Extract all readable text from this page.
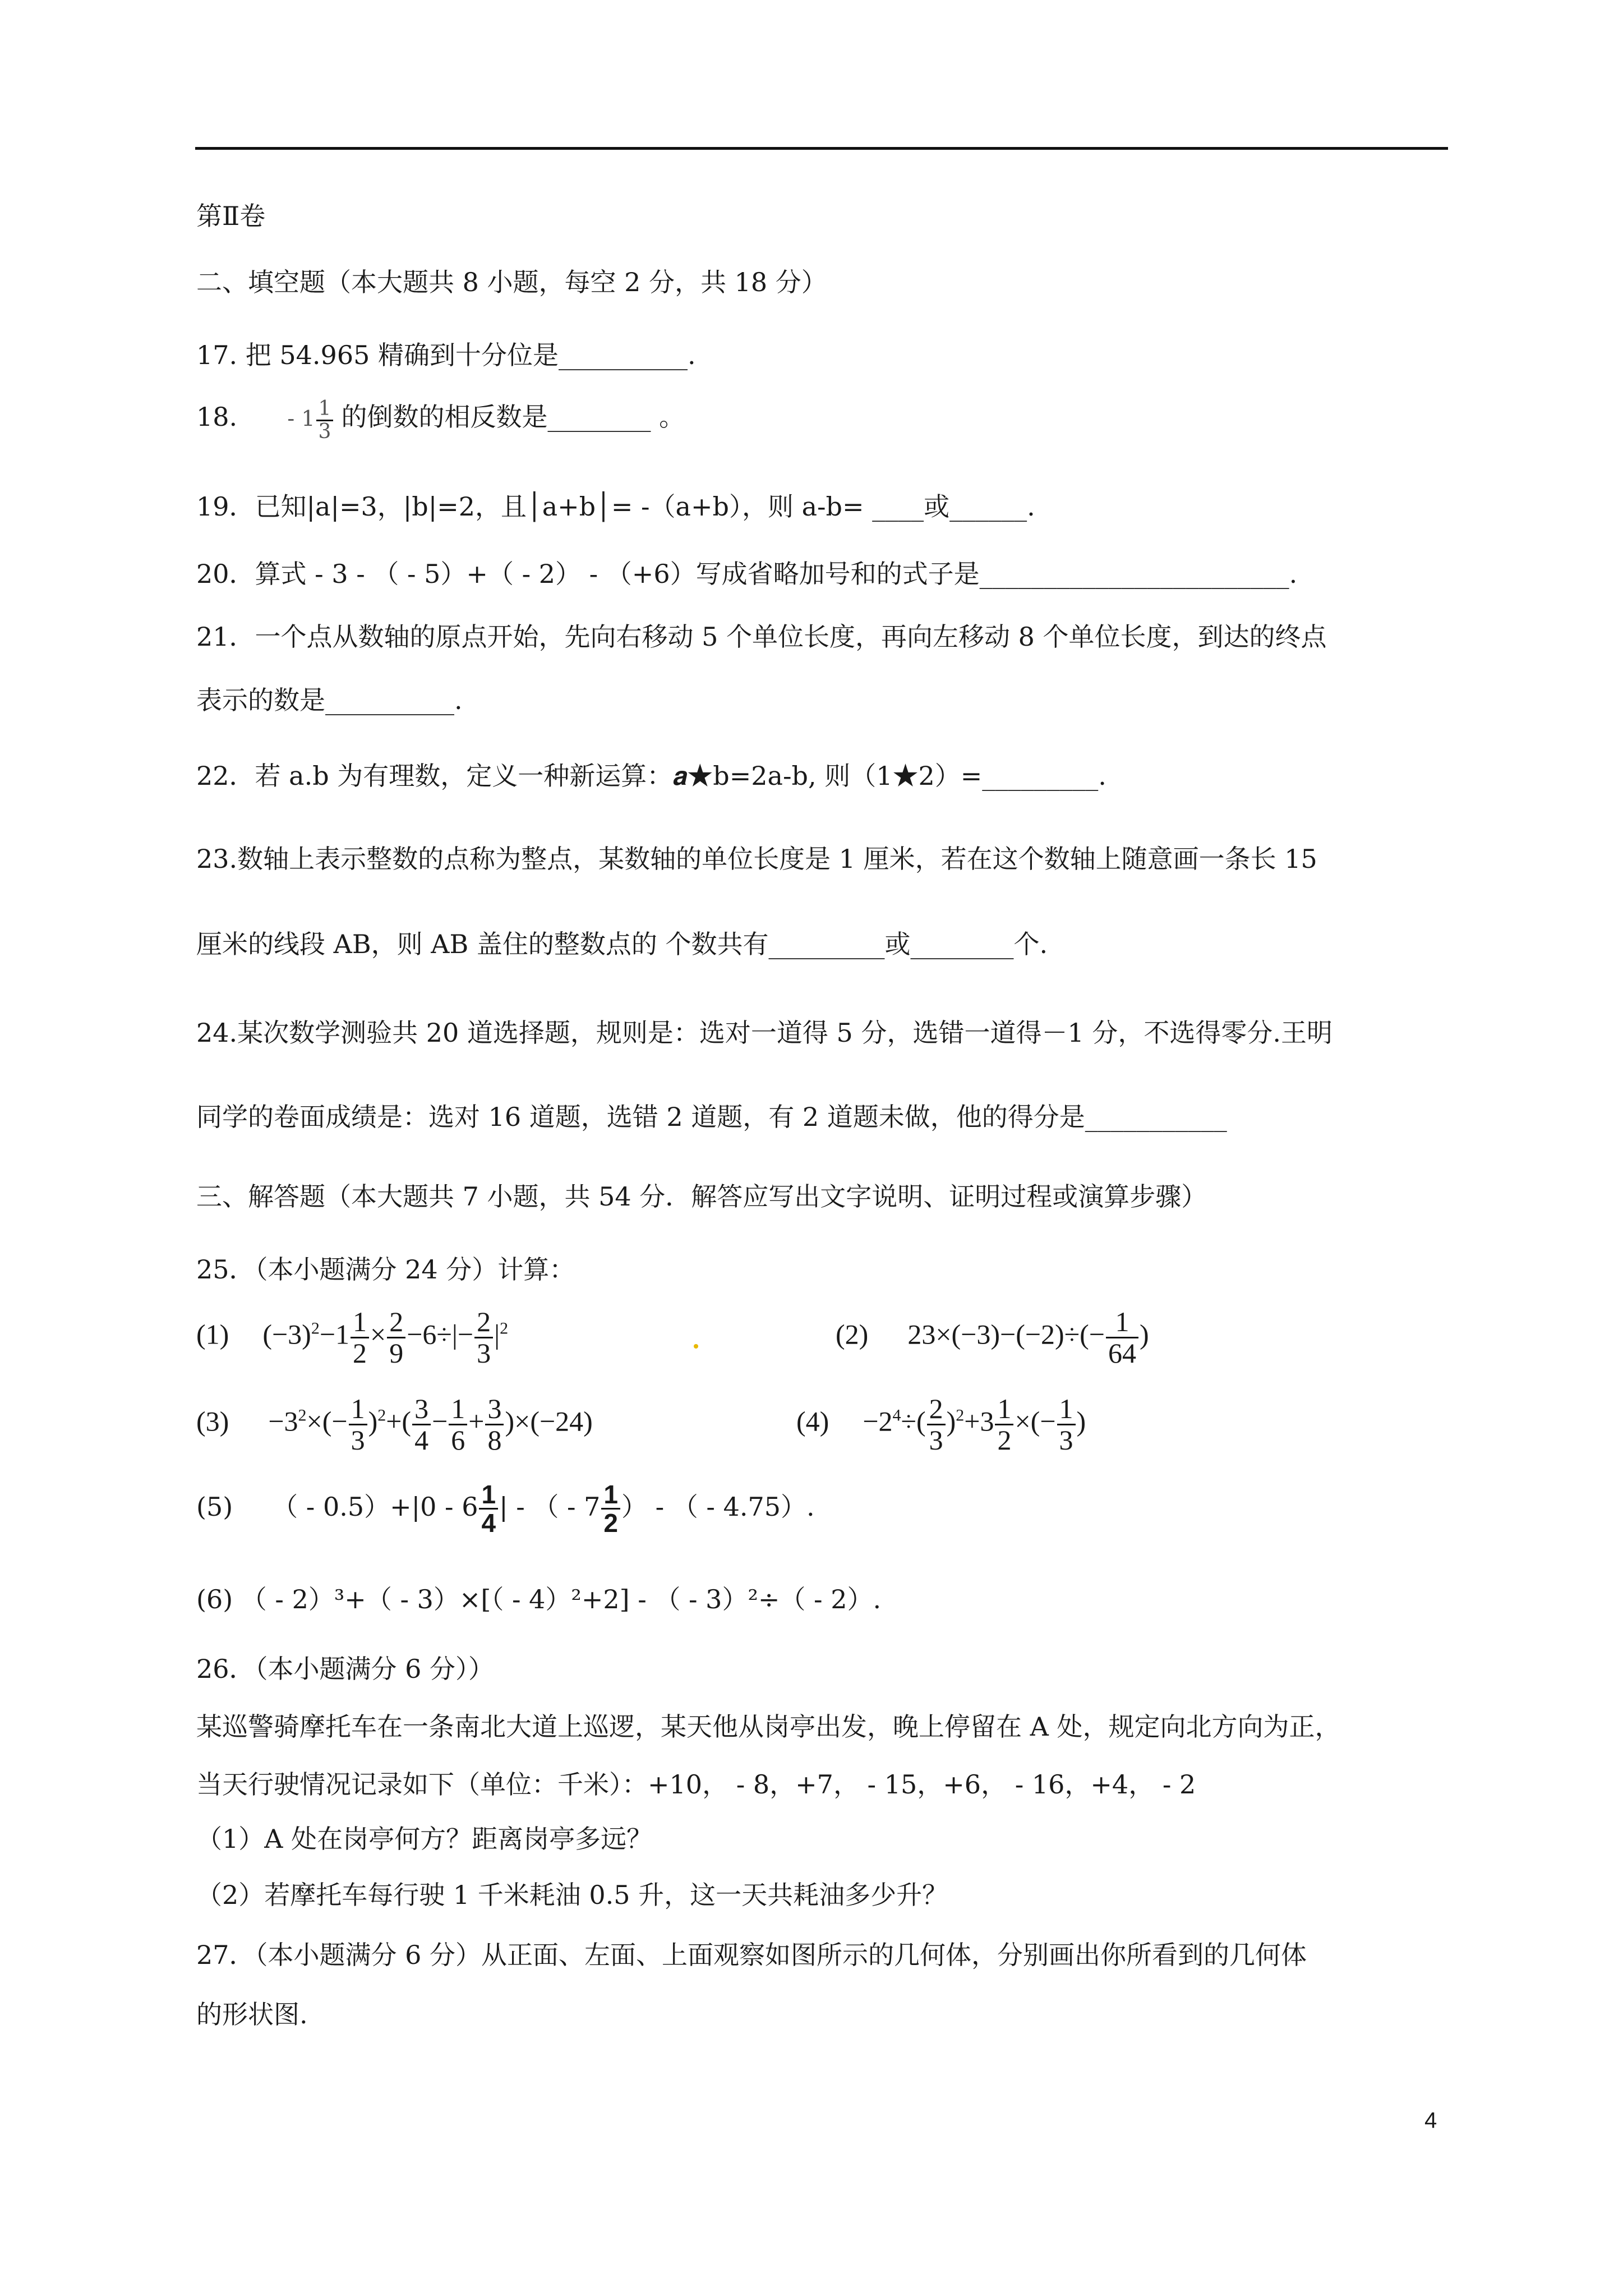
第Ⅱ卷
二、填空题（本大题共 8 小题，每空 2 分，共 18 分）
17. 把 54.965 精确到十分位是__________.
18. - $1 \frac{1}{3}$ 的倒数的相反数是________ 。
19．已知|a|=3，|b|=2，且│a+b│= -（a+b），则 a-b= ____或______.
20．算式 - 3 - （ - 5）+（ - 2） - （+6）写成省略加号和的式子是________________________.
21．一个点从数轴的原点开始，先向右移动 5 个单位长度，再向左移动 8 个单位长度，到达的终点
表示的数是__________.
22．若 a.b 为有理数，定义一种新运算：𝒂★b=2a-b, 则（1★2）=_________.
23.数轴上表示整数的点称为整点，某数轴的单位长度是 1 厘米，若在这个数轴上随意画一条长 15
厘米的线段 AB，则 AB 盖住的整数点的 个数共有_________或________个.
24.某次数学测验共 20 道选择题，规则是：选对一道得 5 分，选错一道得－1 分，不选得零分.王明
同学的卷面成绩是：选对 16 道题，选错 2 道题，有 2 道题未做，他的得分是___________
三、解答题（本大题共 7 小题，共 54 分．解答应写出文字说明、证明过程或演算步骤）
25．（本小题满分 24 分）计算：
(1) $(-3)^2-1 \frac{1}{2} \times \frac{2}{9} -6\div|- \frac{2}{3} |^2$	(2) $23\times(-3)-(-2)\div(- \frac{1}{64}$ )
$(3) -3^2\times(- \frac{1}{3} )^2+( \frac{3}{4} - \frac{1}{6} + \frac{3}{8} )\times(-24)$	$(4) -2^4\div( \frac{2}{3} )^2+3 \frac{1}{2}$ ×(− $\frac{1}{3}$ )
(5) （ - $0.5)+|0 - 6 \frac{1}{4}$ | - （ - $7 \frac{1}{2}$ ） - （ - 4.75）.
(6) （ - 2）³+（ - 3）×[（ - 4）²+2] - （ - 3）²÷（ - 2）.
26．（本小题满分 6 分））
某巡警骑摩托车在一条南北大道上巡逻，某天他从岗亭出发，晚上停留在 A 处，规定向北方向为正，
当天行驶情况记录如下（单位：千米）：+10， - 8，+7， - 15，+6， - 16，+4， - 2
（1）A 处在岗亭何方？距离岗亭多远？
（2）若摩托车每行驶 1 千米耗油 0.5 升，这一天共耗油多少升？
27．（本小题满分 6 分）从正面、左面、上面观察如图所示的几何体，分别画出你所看到的几何体
的形状图.
4
